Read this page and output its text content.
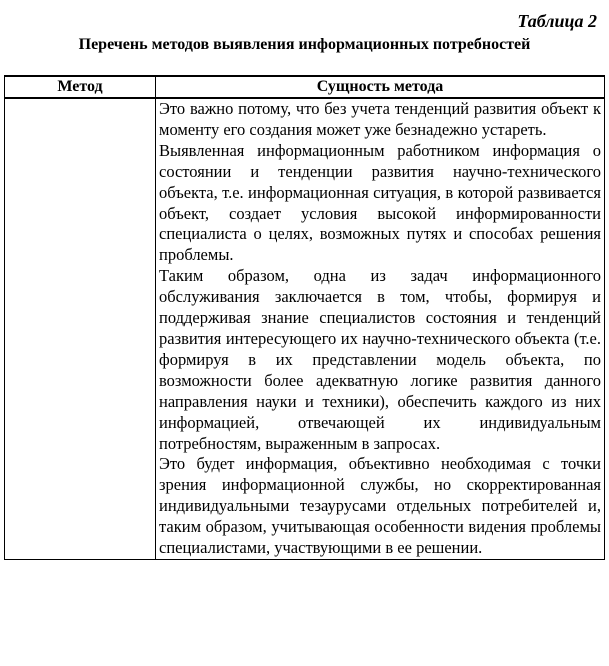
Таблица 2

Перечень методов выявления информационных потребностей

Метод	Сущность метода

	Это важно потому, что без учета тенденций развития объект к моменту его создания может уже безнадежно устареть.

Выявленная информационным работником информация о состоянии и тенденции развития научно-технического объекта, т.е. информационная ситуация, в которой развивается объект, создает условия высокой информированности специалиста о целях, возможных путях и способах решения проблемы.

Таким образом, одна из задач информационного обслуживания заключается в том, чтобы, формируя и поддерживая знание специалистов состояния и тенденций развития интересующего их научно-технического объекта (т.е. формируя в их представлении модель объекта, по возможности более адекватную логике развития данного направления науки и техники), обеспечить каждого из них информацией, отвечающей их индивидуальным потребностям, выраженным в запросах.

Это будет информация, объективно необходимая с точки зрения информационной службы, но скорректированная индивидуальными тезаурусами отдельных потребителей и, таким образом, учитывающая особенности видения проблемы специалистами, участвующими в ее решении.
